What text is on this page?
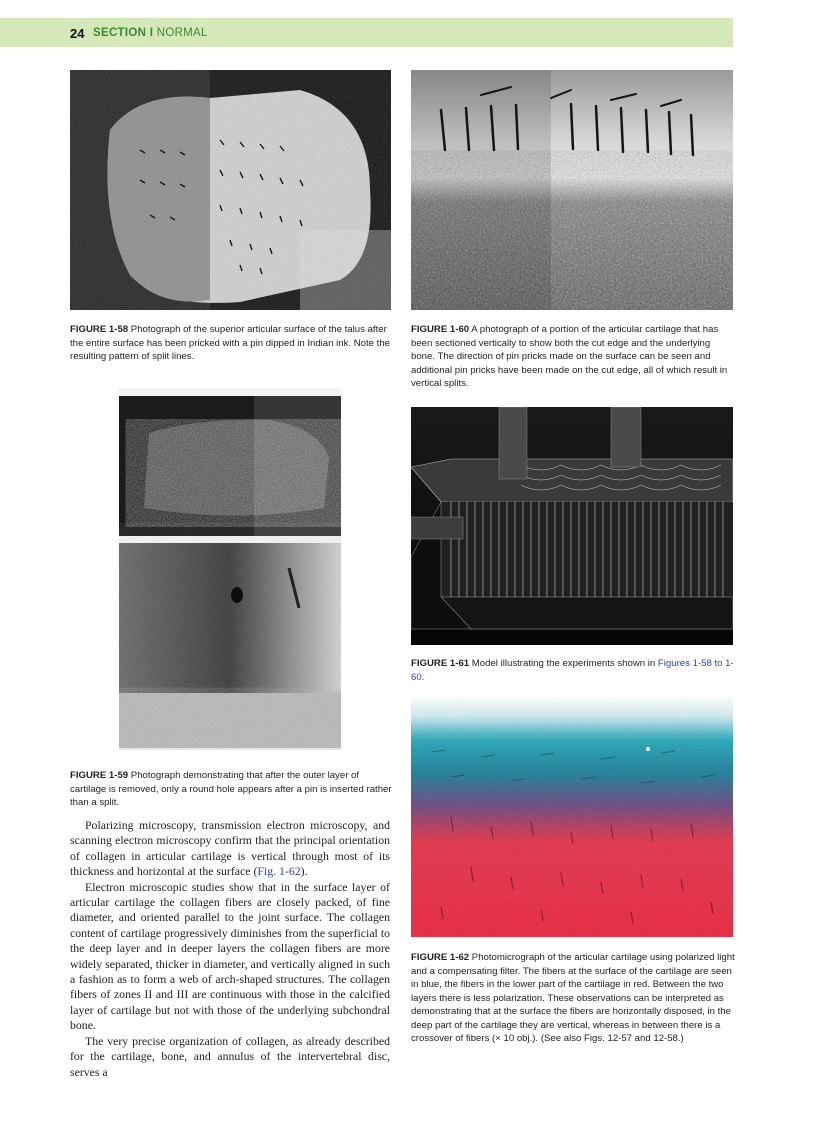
24 SECTION I NORMAL
FIGURE 1-58 Photograph of the superior articular surface of the talus after the entire surface has been pricked with a pin dipped in Indian ink. Note the resulting pattern of split lines.
FIGURE 1-60 A photograph of a portion of the articular cartilage that has been sectioned vertically to show both the cut edge and the underlying bone. The direction of pin pricks made on the surface can be seen and additional pin pricks have been made on the cut edge, all of which result in vertical splits.
FIGURE 1-59 Photograph demonstrating that after the outer layer of cartilage is removed, only a round hole appears after a pin is inserted rather than a split.
FIGURE 1-61 Model illustrating the experiments shown in Figures 1-58 to 1-60.
FIGURE 1-62 Photomicrograph of the articular cartilage using polarized light and a compensating filter. The fibers at the surface of the cartilage are seen in blue, the fibers in the lower part of the cartilage in red. Between the two layers there is less polarization. These observations can be interpreted as demonstrating that at the surface the fibers are horizontally disposed, in the deep part of the cartilage they are vertical, whereas in between there is a crossover of fibers (× 10 obj.). (See also Figs. 12-57 and 12-58.)

Polarizing microscopy, transmission electron microscopy, and scanning electron microscopy confirm that the principal orientation of collagen in articular cartilage is vertical through most of its thickness and horizontal at the surface (Fig. 1-62).

Electron microscopic studies show that in the surface layer of articular cartilage the collagen fibers are closely packed, of fine diameter, and oriented parallel to the joint surface. The collagen content of cartilage progressively diminishes from the superficial to the deep layer and in deeper layers the collagen fibers are more widely separated, thicker in diameter, and vertically aligned in such a fashion as to form a web of arch-shaped structures. The collagen fibers of zones II and III are continuous with those in the calcified layer of cartilage but not with those of the underlying subchondral bone.

The very precise organization of collagen, as already described for the cartilage, bone, and annulus of the intervertebral disc, serves a
